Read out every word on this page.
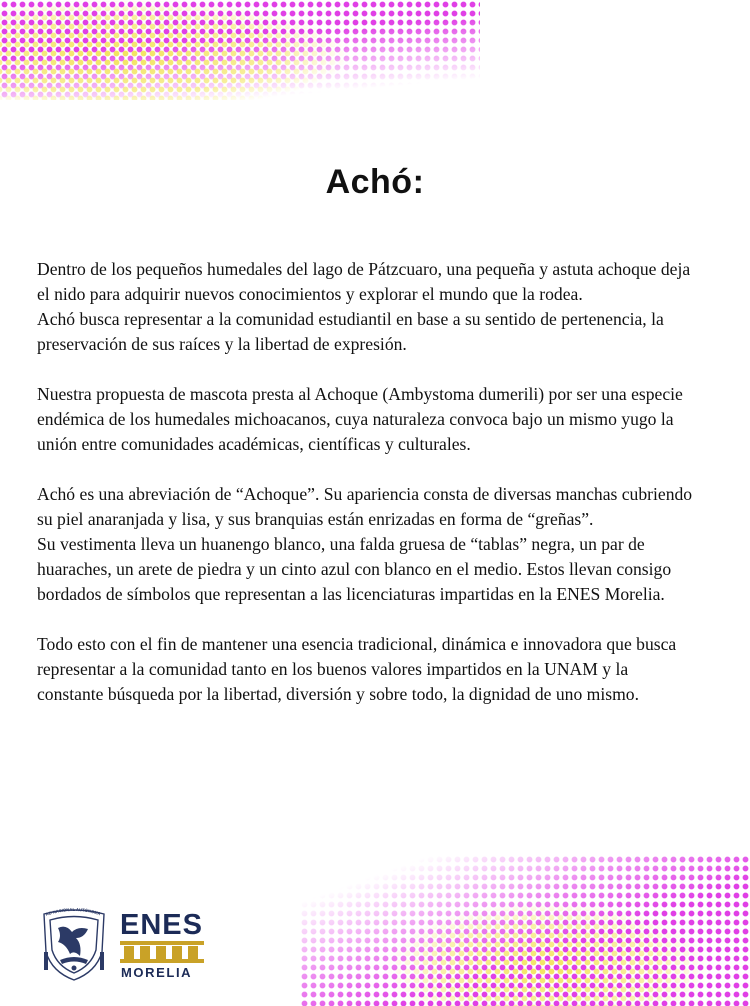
Achó:

Dentro de los pequeños humedales del lago de Pátzcuaro, una pequeña y astuta achoque deja
el nido para adquirir nuevos conocimientos y explorar el mundo que la rodea.
Achó busca representar a la comunidad estudiantil en base a su sentido de pertenencia, la
preservación de sus raíces y la libertad de expresión.

Nuestra propuesta de mascota presta al Achoque (Ambystoma dumerili) por ser una especie
endémica de los humedales michoacanos, cuya naturaleza convoca bajo un mismo yugo la
unión entre comunidades académicas, científicas y culturales.

Achó es una abreviación de “Achoque”. Su apariencia consta de diversas manchas cubriendo
su piel anaranjada y lisa, y sus branquias están enrizadas en forma de “greñas”.
Su vestimenta lleva un huanengo blanco, una falda gruesa de “tablas” negra, un par de
huaraches, un arete de piedra y un cinto azul con blanco en el medio. Estos llevan consigo
bordados de símbolos que representan a las licenciaturas impartidas en la ENES Morelia.

Todo esto con el fin de mantener una esencia tradicional, dinámica e innovadora que busca
representar a la comunidad tanto en los buenos valores impartidos en la UNAM y la
constante búsqueda por la libertad, diversión y sobre todo, la dignidad de uno mismo.

AD NACIONAL AUTÓNOMA ENES
MORELIA
